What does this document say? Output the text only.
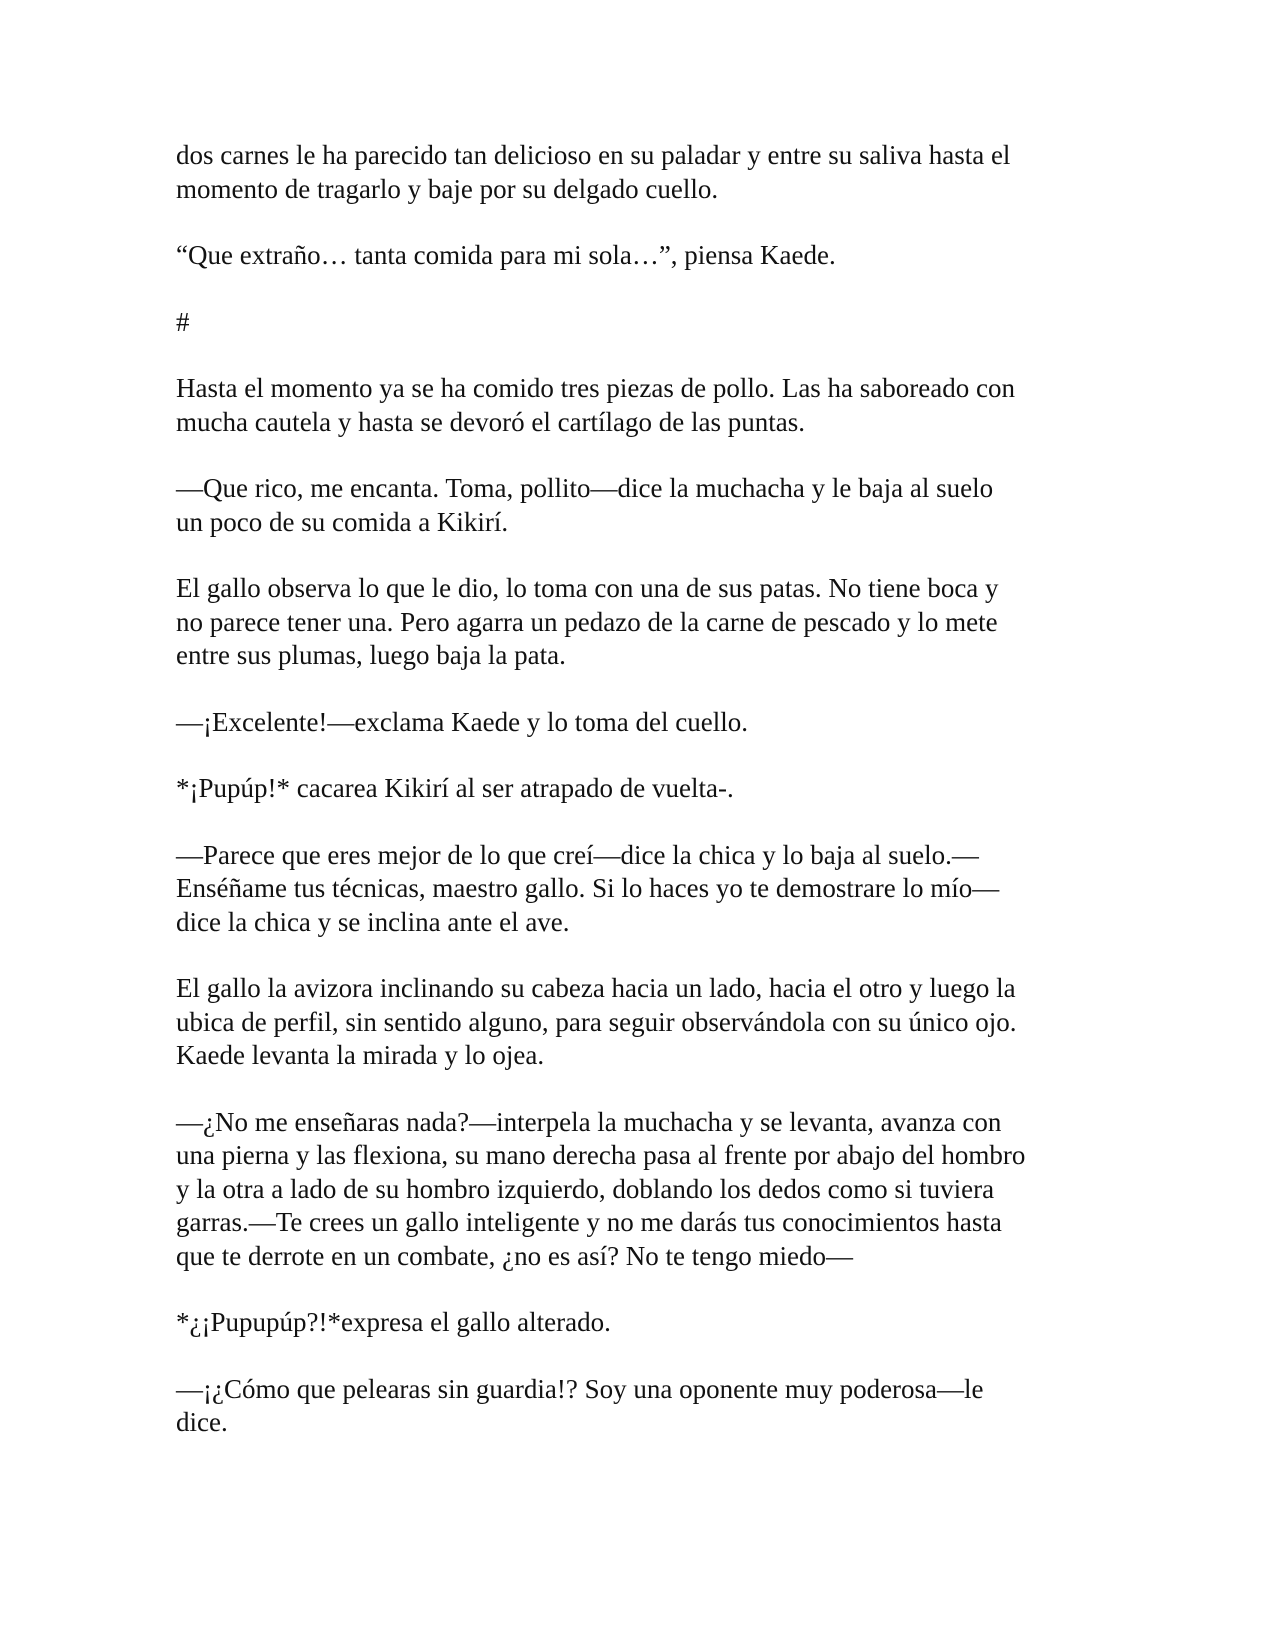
dos carnes le ha parecido tan delicioso en su paladar y entre su saliva hasta el
momento de tragarlo y baje por su delgado cuello.

“Que extraño… tanta comida para mi sola…”, piensa Kaede.

#

Hasta el momento ya se ha comido tres piezas de pollo. Las ha saboreado con
mucha cautela y hasta se devoró el cartílago de las puntas.

—Que rico, me encanta. Toma, pollito—dice la muchacha y le baja al suelo
un poco de su comida a Kikirí.

El gallo observa lo que le dio, lo toma con una de sus patas. No tiene boca y
no parece tener una. Pero agarra un pedazo de la carne de pescado y lo mete
entre sus plumas, luego baja la pata.

—¡Excelente!—exclama Kaede y lo toma del cuello.

*¡Pupúp!* cacarea Kikirí al ser atrapado de vuelta-.

—Parece que eres mejor de lo que creí—dice la chica y lo baja al suelo.—
Enséñame tus técnicas, maestro gallo. Si lo haces yo te demostrare lo mío—
dice la chica y se inclina ante el ave.

El gallo la avizora inclinando su cabeza hacia un lado, hacia el otro y luego la
ubica de perfil, sin sentido alguno, para seguir observándola con su único ojo.
Kaede levanta la mirada y lo ojea.

—¿No me enseñaras nada?—interpela la muchacha y se levanta, avanza con
una pierna y las flexiona, su mano derecha pasa al frente por abajo del hombro
y la otra a lado de su hombro izquierdo, doblando los dedos como si tuviera
garras.—Te crees un gallo inteligente y no me darás tus conocimientos hasta
que te derrote en un combate, ¿no es así? No te tengo miedo—

*¿¡Pupupúp?!*expresa el gallo alterado.

—¡¿Cómo que pelearas sin guardia!? Soy una oponente muy poderosa—le
dice.
